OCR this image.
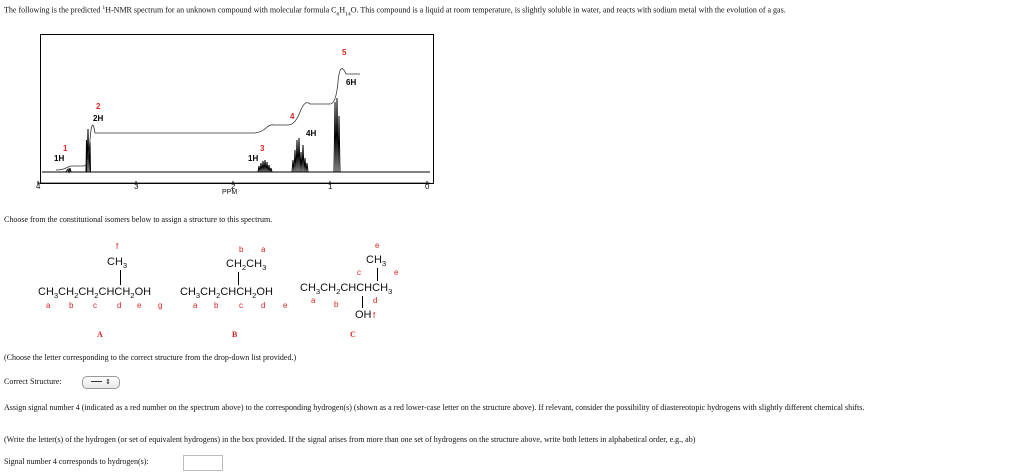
The following is the predicted $^1$H-NMR spectrum for an unknown compound with molecular formula $C_6H_{14}O$. This compound is a liquid at room temperature, is slightly soluble in water, and reacts with sodium metal with the evolution of a gas.
4	3	2	1	0
PPM
1
1H
2
2H
3
1H
4
4H
5
6H
Choose from the constitutional isomers below to assign a structure to this spectrum.
f
$CH_3$
$CH_3CH_2CH_2CHCH_2OH$
a b c	d e g
A
b a
$CH_2CH_3$
$CH_3CH_2CHCH_2OH$
a b	c d e
B
e
$CH_3$
c	e
$CH_3CH_2CHCHCH_3$
a b	d
OH f
C
(Choose the letter corresponding to the correct structure from the drop-down list provided.)
Correct Structure:	⇕
Assign signal number 4 (indicated as a red number on the spectrum above) to the corresponding hydrogen(s) (shown as a red lower-case letter on the structure above). If relevant, consider the possibility of diastereotopic hydrogens with slightly different chemical shifts.
(Write the letter(s) of the hydrogen (or set of equivalent hydrogens) in the box provided. If the signal arises from more than one set of hydrogens on the structure above, write both letters in alphabetical order, e.g., ab)
Signal number 4 corresponds to hydrogen(s):
